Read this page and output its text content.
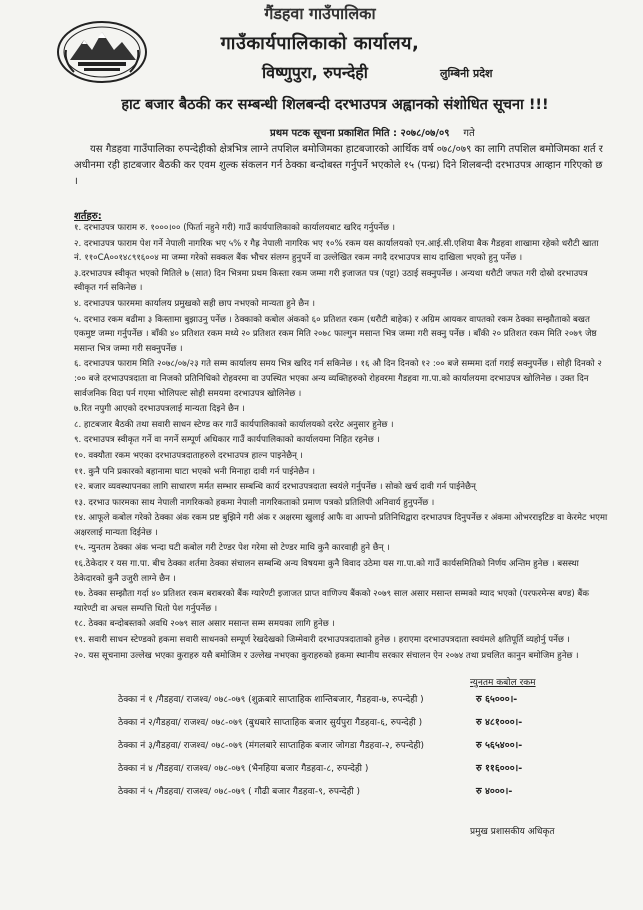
गैंडहवा गाउँपालिका
गाउँकार्यपालिकाको कार्यालय,
विष्णुपुरा, रुपन्देही	लुम्बिनी प्रदेश
हाट बजार बैठकी कर सम्बन्धी शिलबन्दी दरभाउपत्र अह्वानको संशोधित सूचना !!!
प्रथम पटक सूचना प्रकाशित मिति : २०७८/०७/०९ गते
यस गैडहवा गाउँपालिका रुपन्देहीको क्षेत्रभित्र लाग्ने तपशिल बमोजिमका हाटबजारको आर्थिक वर्ष ०७८/०७९ का लागि तपशिल बमोजिमका शर्त र अधीनमा रही हाटबजार बैठकी कर एवम शुल्क संकलन गर्न ठेक्का बन्दोबस्त गर्नुपर्ने भएकोले १५ (पन्ध्र) दिने शिलबन्दी दरभाउपत्र आव्हान गरिएको छ ।
शर्तहरु:
१. दरभाउपत्र फाराम रु. १०००।०० (फिर्ता नहुने गरी) गाउँ कार्यपालिकाको कार्यालयबाट खरिद गर्नुपर्नेछ ।
२. दरभाउपत्र फाराम पेश गर्ने नेपाली नागरिक भए ५% र गैह्र नेपाली नागरिक भए १०% रकम यस कार्यालयको एन.आई.सी.एशिया बैक गैडहवा शाखामा रहेको धरौटी खाता नं. ११०CA००१४८९१६००४ मा जम्मा गरेको सक्कल बैंक भौचर संलग्न हुनुपर्ने वा उल्लेखित रकम नगदै दरभाउपत्र साथ दाखिला भएको हुनु पर्नेछ ।
३.दरभाउपत्र स्वीकृत भएको मितिले ७ (सात) दिन भित्रमा प्रथम किस्ता रकम जम्मा गरी इजाजत पत्र (पट्टा) उठाई सक्नुपर्नेछ । अन्यथा धरौटी जफत गरी दोस्रो दरभाउपत्र स्वीकृत गर्न सकिनेछ ।
४. दरभाउपत्र फारममा कार्यालय प्रमुखको सही छाप नभएको मान्यता हुने छैन ।
५. दरभाउ रकम बढीमा ३ किस्तामा बुझाउनु पर्नेछ । ठेक्काको कबोल अंकको ६० प्रतिशत रकम (धरौटी बाहेक) र अग्रिम आयकर वापतको रकम ठेक्का सम्झौताको बखत एकमुष्ट जम्मा गर्नुपर्नेछ । बाँकी ४० प्रतिशत रकम मध्ये २० प्रतिशत रकम मिति २०७८ फाल्गुन मसान्त भित्र जम्मा गरी सक्नु पर्नेछ । बाँकी २० प्रतिशत रकम मिति २०७९ जेष्ठ मसान्त भित्र जम्मा गरी सक्नुपर्नेछ ।
६. दरभाउपत्र फाराम मिति २०७८/०७/२३ गते सम्म कार्यालय समय भित्र खरिद गर्न सकिनेछ । १६ औ दिन दिनको १२ :०० बजे सम्ममा दर्ता गराई सक्नुपर्नेछ । सोही दिनको २ :०० बजे दरभाउपत्रदाता वा निजको प्रतिनिधिको रोहवरमा वा उपस्थित भएका अन्य व्यक्तिहरुको रोहवरमा गैडहवा गा.पा.को कार्यालयमा दरभाउपत्र खोलिनेछ । उक्त दिन सार्वजनिक विदा पर्न गएमा भोलिपल्ट सोही समयमा दरभाउपत्र खोलिनेछ ।
७.रित नपुगी आएको दरभाउपत्रलाई मान्यता दिइने छैन ।
८. हाटबजार बैठकी तथा सवारी साधन स्टेण्ड कर गाउँ कार्यपालिकाको कार्यालयको दररेट अनुसार हुनेछ ।
९. दरभाउपत्र स्वीकृत गर्ने वा नगर्ने सम्पूर्ण अधिकार गाउँ कार्यपालिकाको कार्यालयमा निहित रहनेछ ।
१०. वक्यौता रकम भएका दरभाउपत्रदाताहरुले दरभाउपत्र हाल्न पाइनेछैन् ।
११. कुनै पनि प्रकारको बहानामा घाटा भएको भनी मिनाहा दावी गर्न पाईनेछैन ।
१२. बजार व्यवस्थापनका लागि साधारण मर्मत सम्भार सम्बन्धि कार्य दरभाउपत्रदाता स्वयंले गर्नुपर्नेछ । सोको खर्च दावी गर्न पाईनेछैन्
१३. दरभाउ फारमका साथ नेपाली नागरिकको हकमा नेपाली नागरिकताको प्रमाण पत्रको प्रतिलिपी अनिवार्य हुनुपर्नेछ ।
१४. आफूले कबोल गरेको ठेक्का अंक रकम प्रष्ट बुझिने गरी अंक र अक्षरमा खुलाई आफै वा आफ्नो प्रतिनिधिद्वारा दरभाउपत्र दिनुपर्नेछ र अंकमा ओभरराइटिङ वा केरमेट भएमा अक्षरलाई मान्यता दिईनेछ ।
१५. न्युनतम ठेक्का अंक भन्दा घटी कबोल गरी टेण्डर पेश गरेमा सो टेण्डर माथि कुनै कारवाही हुने छैन् ।
१६.ठेकेदार र यस गा.पा. बीच ठेक्का शर्तमा ठेक्का संचालन सम्बन्धि अन्य विषयमा कुनै विवाद उठेमा यस गा.पा.को गाउँ कार्यसमितिको निर्णय अन्तिम हुनेछ । बसस्था ठेकेदारको कुनै उजुरी लाग्ने छैन ।
१७. ठेक्का सम्झौता गर्दा ४० प्रतिशत रकम बराबरको बैंक ग्यारेण्टी इजाजत प्राप्त वाणिज्य बैंकको २०७९ साल असार मसान्त सम्मको म्याद भएको (परफरमेन्स बण्ड) बैंक ग्यारेण्टी वा अचल सम्पत्ति धितो पेश गर्नुपर्नेछ ।
१८. ठेक्का बन्दोबस्तको अवधि २०७९ साल असार मसान्त सम्म समयका लागि हुनेछ ।
१९. सवारी साधन स्टेण्डको हकमा सवारी साधनको सम्पूर्ण रेखदेखको जिम्मेवारी दरभाउपत्रदाताको हुनेछ । हराएमा दरभाउपत्रदाता स्वयंमले क्षतिपूर्ति व्यहोर्नु पर्नेछ ।
२०. यस सूचनामा उल्लेख भएका कुराहरु यसै बमोजिम र उल्लेख नभएका कुराहरुको हकमा स्थानीय सरकार संचालन ऐन २०७४ तथा प्रचलित कानुन बमोजिम हुनेछ ।
न्युनतम कबोल रकम
ठेक्का नं १ /गैडहवा/ राजश्व/ ०७८-०७९ (शुक्रबारे साप्ताहिक शान्तिबजार, गैडहवा-७, रुपन्देही )	रु ६५०००।-
ठेक्का नं २/गैडहवा/ राजश्व/ ०७८-०७९ (बुधबारे साप्ताहिक बजार सुर्यपुरा गैडहवा-६, रुपन्देही )	रु ४८१०००।-
ठेक्का नं ३/गैडहवा/ राजश्व/ ०७८-०७९ (मंगलबारे साप्ताहिक बजार जोगडा गैडहवा-२, रुपन्देही)	रु ५६५४००।-
ठेक्का नं ४ /गैडहवा/ राजश्व/ ०७८-०७९ (भैनहिया बजार गैडहवा-८, रुपन्देही )	रु ११६०००।-
ठेक्का नं ५ /गैडहवा/ राजश्व/ ०७८-०७९ ( गौढी बजार गैडहवा-९, रुपन्देही )	रु ४०००।-
प्रमुख प्रशासकीय अधिकृत
